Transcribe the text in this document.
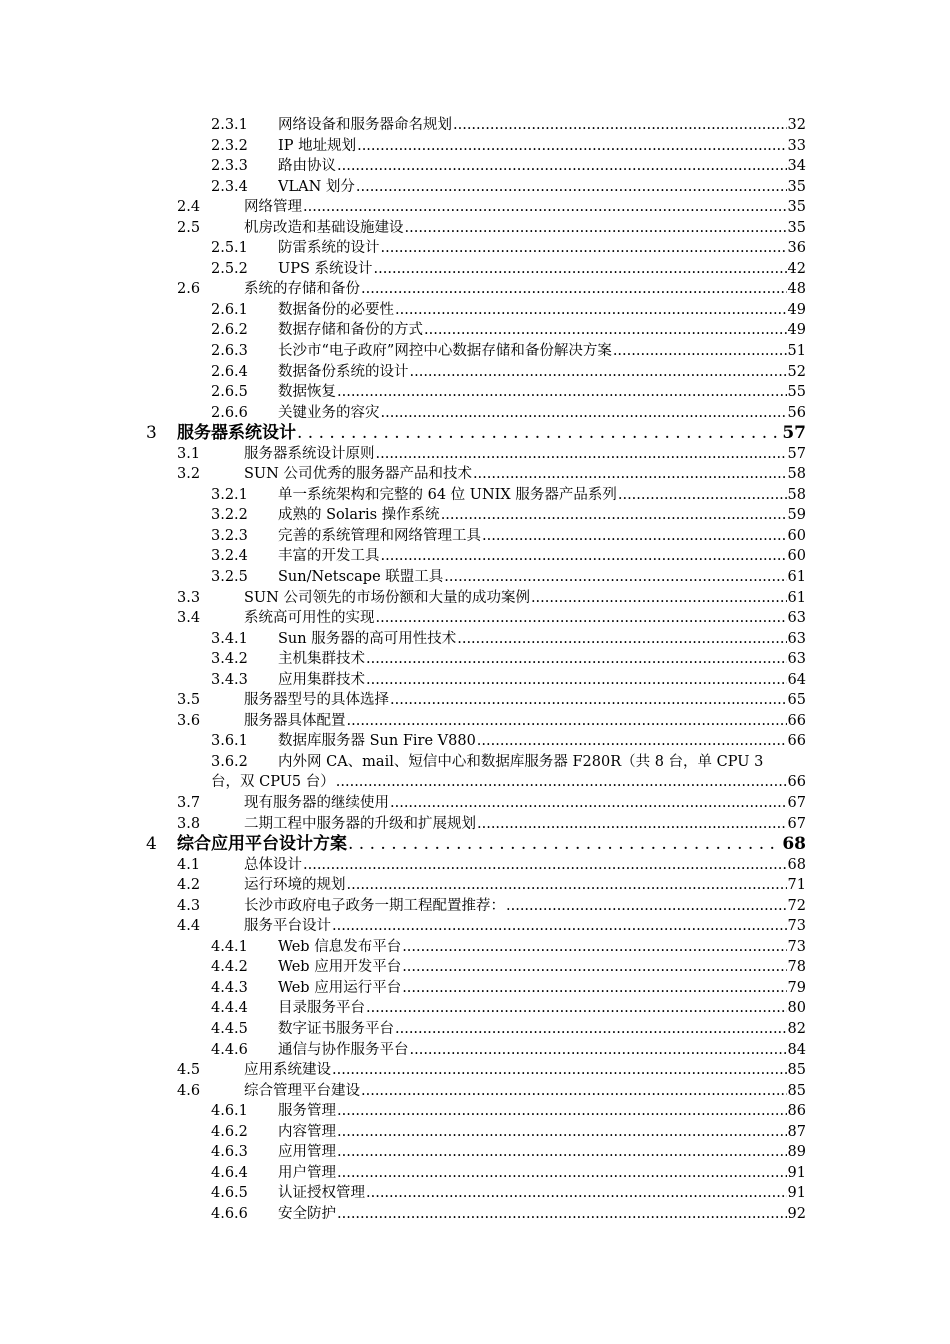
2.3.1 网络设备和服务器命名规划 .....	32
2.3.2 IP 地址规划 .....	33
2.3.3 路由协议 .....	34
2.3.4 VLAN 划分 .....	35
2.4	网络管理 .....	35
2.5	机房改造和基础设施建设 .....	35
2.5.1 防雷系统的设计 .....	36
2.5.2 UPS 系统设计 .....	42
2.6	系统的存储和备份 .....	48
2.6.1 数据备份的必要性 .....	49
2.6.2 数据存储和备份的方式 .....	49
2.6.3 长沙市“电子政府”网控中心数据存储和备份解决方案 .....	51
2.6.4 数据备份系统的设计 .....	52
2.6.5 数据恢复 .....	55
2.6.6 关键业务的容灾 .....	56
3 服务器系统设计 . . .	57
3.1	服务器系统设计原则 .....	57
3.2	SUN 公司优秀的服务器产品和技术 .....	58
3.2.1 单一系统架构和完整的 64 位 UNIX 服务器产品系列 .....	58
3.2.2 成熟的 Solaris 操作系统 .....	59
3.2.3 完善的系统管理和网络管理工具 .....	60
3.2.4 丰富的开发工具 .....	60
3.2.5 Sun/Netscape 联盟工具 .....	61
3.3	SUN 公司领先的市场份额和大量的成功案例 .....	61
3.4	系统高可用性的实现 .....	63
3.4.1 Sun 服务器的高可用性技术 .....	63
3.4.2 主机集群技术 .....	63
3.4.3 应用集群技术 .....	64
3.5	服务器型号的具体选择 .....	65
3.6	服务器具体配置 .....	66
3.6.1 数据库服务器 Sun Fire V880 .....	66
3.6.2 内外网 CA、mail、短信中心和数据库服务器 F280R（共 8 台，单 CPU 3
台，双 CPU5 台） .....	66
3.7	现有服务器的继续使用 .....	67
3.8	二期工程中服务器的升级和扩展规划 .....	67
4 综合应用平台设计方案 . . .	68
4.1	总体设计 .....	68
4.2	运行环境的规划 .....	71
4.3	长沙市政府电子政务一期工程配置推荐： .....	72
4.4	服务平台设计 .....	73
4.4.1 Web 信息发布平台 .....	73
4.4.2 Web 应用开发平台 .....	78
4.4.3 Web 应用运行平台 .....	79
4.4.4 目录服务平台 .....	80
4.4.5 数字证书服务平台 .....	82
4.4.6 通信与协作服务平台 .....	84
4.5	应用系统建设 .....	85
4.6	综合管理平台建设 .....	85
4.6.1 服务管理 .....	86
4.6.2 内容管理 .....	87
4.6.3 应用管理 .....	89
4.6.4 用户管理 .....	91
4.6.5 认证授权管理 .....	91
4.6.6 安全防护 .....	92
